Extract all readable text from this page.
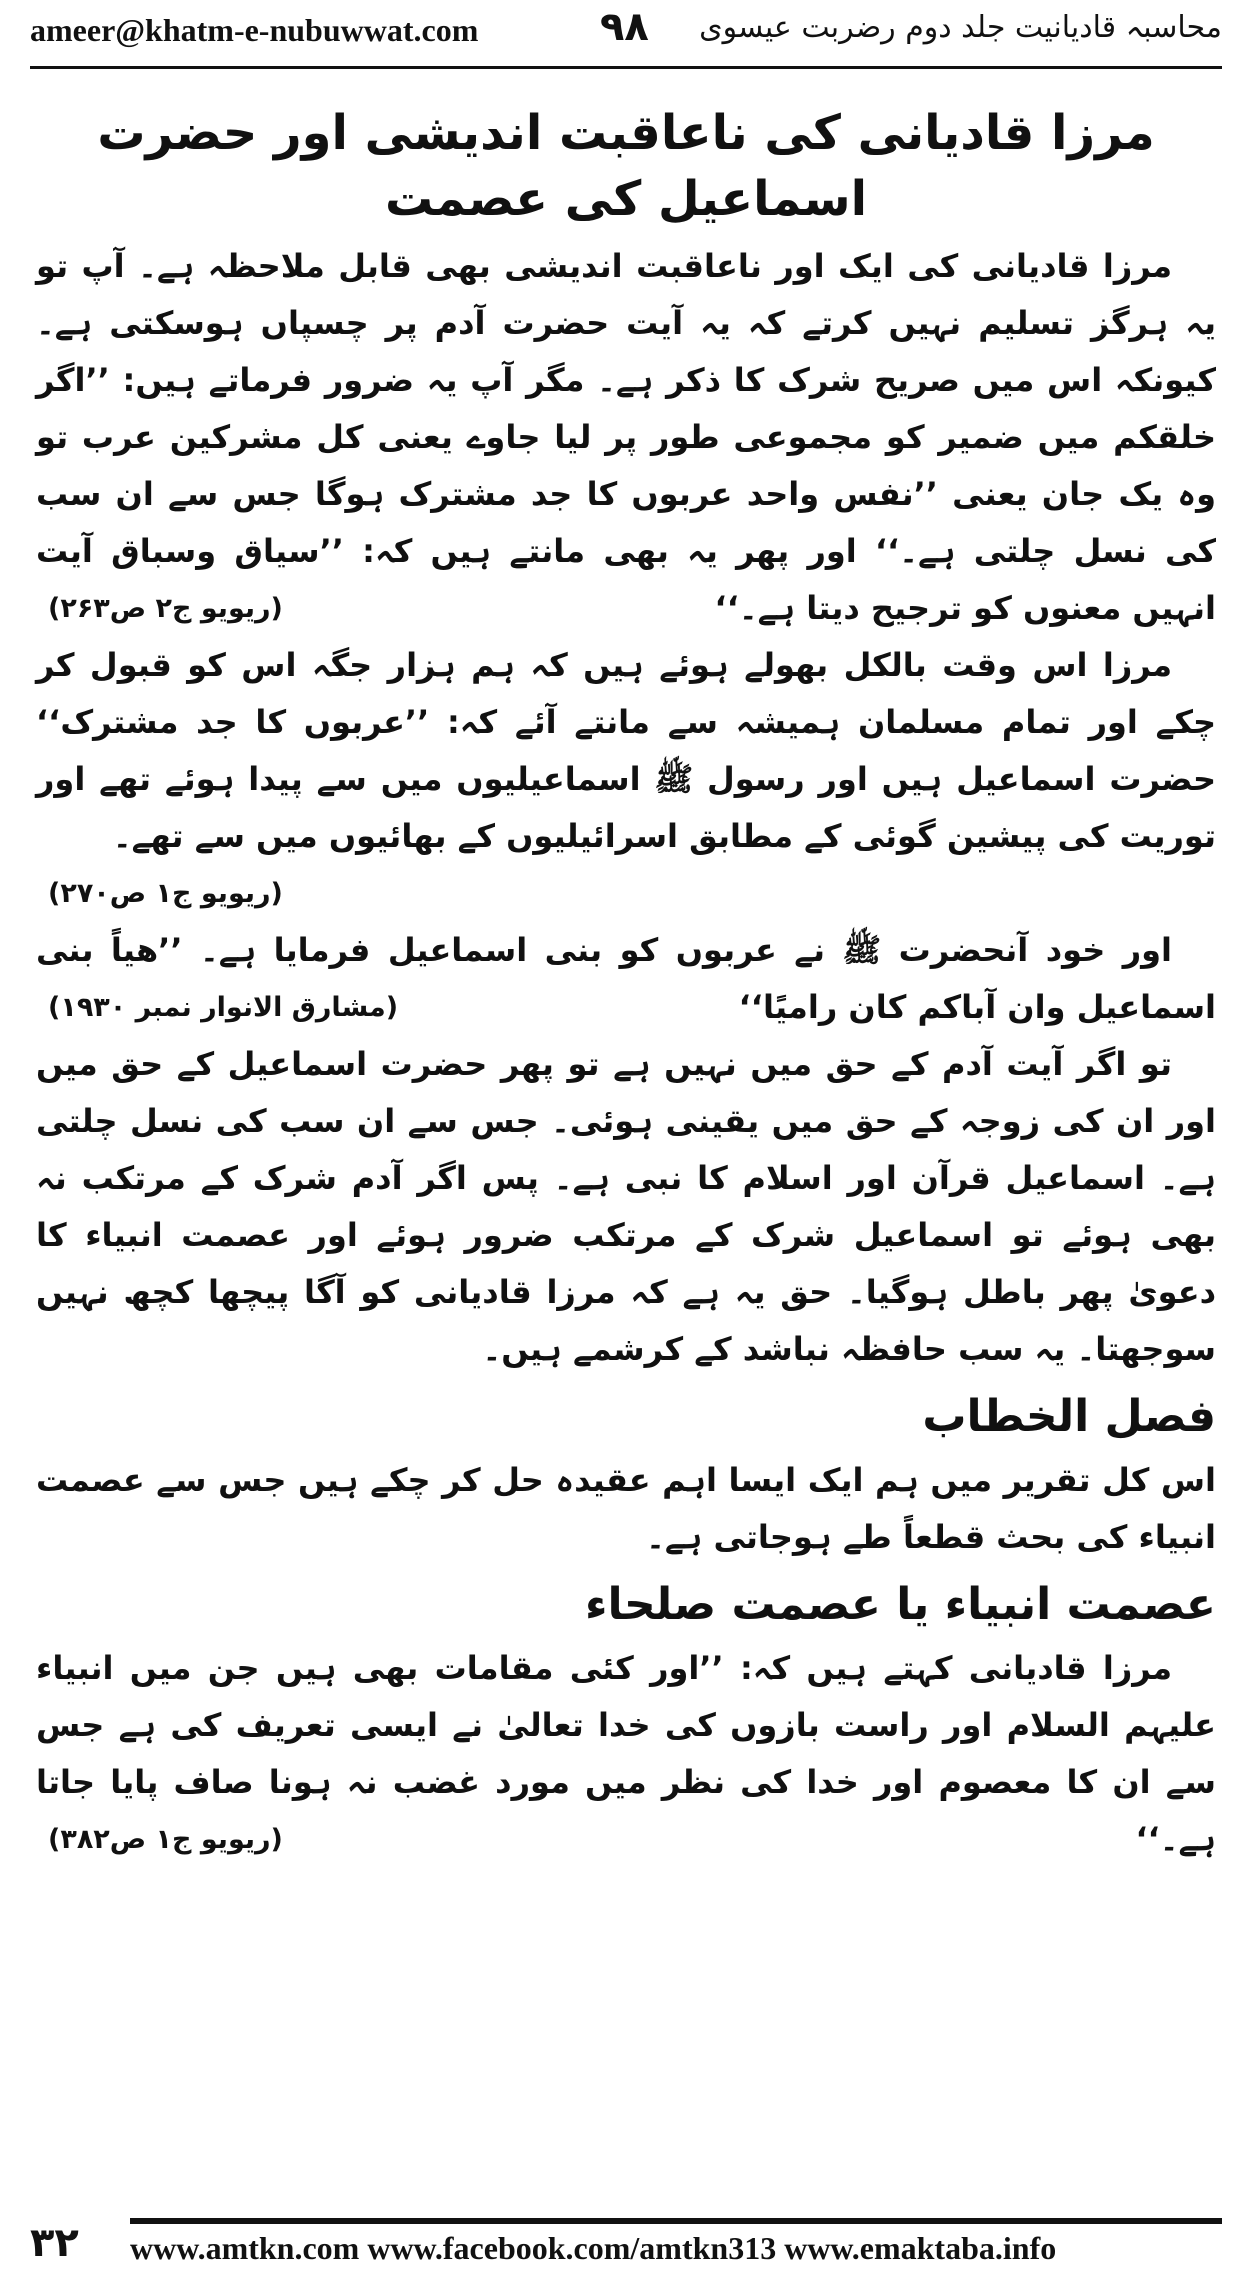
ameer@khatm-e-nubuwwat.com	۹۸ محاسبہ قادیانیت جلد دوم رضربت عیسوی
مرزا قادیانی کی ناعاقبت اندیشی اور حضرت اسماعیل کی عصمت

مرزا قادیانی کی ایک اور ناعاقبت اندیشی بھی قابل ملاحظہ ہے۔ آپ تو یہ ہرگز تسلیم نہیں کرتے کہ یہ آیت حضرت آدم پر چسپاں ہوسکتی ہے۔ کیونکہ اس میں صریح شرک کا ذکر ہے۔ مگر آپ یہ ضرور فرماتے ہیں: ’’اگر خلقکم میں ضمیر کو مجموعی طور پر لیا جاوے یعنی کل مشرکین عرب تو وہ یک جان یعنی ’’نفس واحد عربوں کا جد مشترک ہوگا جس سے ان سب کی نسل چلتی ہے۔‘‘ اور پھر یہ بھی مانتے ہیں کہ: ’’سیاق وسباق آیت انہیں معنوں کو ترجیح دیتا ہے۔‘‘
(ریویو ج۲ ص۲۶۳)

مرزا اس وقت بالکل بھولے ہوئے ہیں کہ ہم ہزار جگہ اس کو قبول کر چکے اور تمام مسلمان ہمیشہ سے مانتے آئے کہ: ’’عربوں کا جد مشترک‘‘ حضرت اسماعیل ہیں اور رسول ﷺ اسماعیلیوں میں سے پیدا ہوئے تھے اور توریت کی پیشین گوئی کے مطابق اسرائیلیوں کے بھائیوں میں سے تھے۔
(ریویو ج۱ ص۲۷۰)

اور خود آنحضرت ﷺ نے عربوں کو بنی اسماعیل فرمایا ہے۔ ’’ھیاً بنی اسماعیل وان آباکم کان رامیًا‘‘
(مشارق الانوار نمبر ۱۹۳۰)

تو اگر آیت آدم کے حق میں نہیں ہے تو پھر حضرت اسماعیل کے حق میں اور ان کی زوجہ کے حق میں یقینی ہوئی۔ جس سے ان سب کی نسل چلتی ہے۔ اسماعیل قرآن اور اسلام کا نبی ہے۔ پس اگر آدم شرک کے مرتکب نہ بھی ہوئے تو اسماعیل شرک کے مرتکب ضرور ہوئے اور عصمت انبیاء کا دعویٰ پھر باطل ہوگیا۔ حق یہ ہے کہ مرزا قادیانی کو آگا پیچھا کچھ نہیں سوجھتا۔ یہ سب حافظہ نباشد کے کرشمے ہیں۔

فصل الخطاب

اس کل تقریر میں ہم ایک ایسا اہم عقیدہ حل کر چکے ہیں جس سے عصمت انبیاء کی بحث قطعاً طے ہوجاتی ہے۔

عصمت انبیاء یا عصمت صلحاء

مرزا قادیانی کہتے ہیں کہ: ’’اور کئی مقامات بھی ہیں جن میں انبیاء علیہم السلام اور راست بازوں کی خدا تعالیٰ نے ایسی تعریف کی ہے جس سے ان کا معصوم اور خدا کی نظر میں مورد غضب نہ ہونا صاف پایا جاتا ہے۔‘‘
(ریویو ج۱ ص۳۸۲)

۳۲ www.amtkn.com www.facebook.com/amtkn313 www.emaktaba.info
